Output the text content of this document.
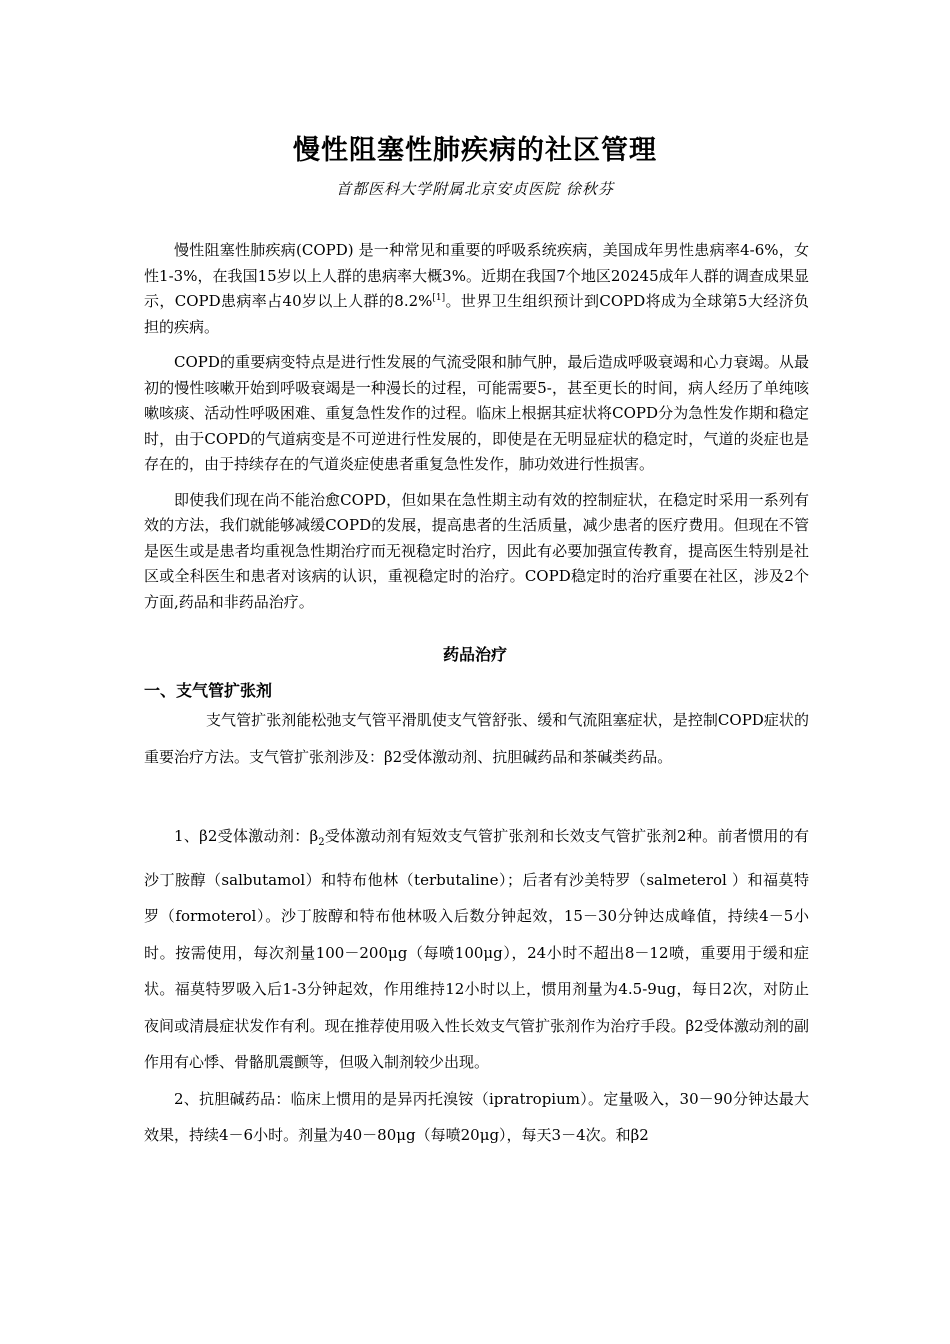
慢性阻塞性肺疾病的社区管理
首都医科大学附属北京安贞医院 徐秋芬

慢性阻塞性肺疾病(COPD) 是一种常见和重要的呼吸系统疾病，美国成年男性患病率4-6%，女性1-3%，在我国15岁以上人群的患病率大概3%。近期在我国7个地区20245成年人群的调查成果显示，COPD患病率占40岁以上人群的8.2%[1]。世界卫生组织预计到COPD将成为全球第5大经济负担的疾病。

COPD的重要病变特点是进行性发展的气流受限和肺气肿，最后造成呼吸衰竭和心力衰竭。从最初的慢性咳嗽开始到呼吸衰竭是一种漫长的过程，可能需要5-，甚至更长的时间，病人经历了单纯咳嗽咳痰、活动性呼吸困难、重复急性发作的过程。临床上根据其症状将COPD分为急性发作期和稳定时，由于COPD的气道病变是不可逆进行性发展的，即使是在无明显症状的稳定时，气道的炎症也是存在的，由于持续存在的气道炎症使患者重复急性发作，肺功效进行性损害。

即使我们现在尚不能治愈COPD，但如果在急性期主动有效的控制症状，在稳定时采用一系列有效的方法，我们就能够减缓COPD的发展，提高患者的生活质量，减少患者的医疗费用。但现在不管是医生或是患者均重视急性期治疗而无视稳定时治疗，因此有必要加强宣传教育，提高医生特别是社区或全科医生和患者对该病的认识，重视稳定时的治疗。COPD稳定时的治疗重要在社区，涉及2个方面,药品和非药品治疗。

药品治疗
一、支气管扩张剂

支气管扩张剂能松弛支气管平滑肌使支气管舒张、缓和气流阻塞症状，是控制COPD症状的重要治疗方法。支气管扩张剂涉及：β2受体激动剂、抗胆碱药品和茶碱类药品。

1、β2受体激动剂：$\beta_2$受体激动剂有短效支气管扩张剂和长效支气管扩张剂2种。前者惯用的有沙丁胺醇（salbutamol）和特布他林（terbutaline）；后者有沙美特罗（salmeterol ）和福莫特罗（formoterol）。沙丁胺醇和特布他林吸入后数分钟起效，15－30分钟达成峰值，持续4－5小时。按需使用，每次剂量100－200μg（每喷100μg），24小时不超出8－12喷，重要用于缓和症状。福莫特罗吸入后1-3分钟起效，作用维持12小时以上，惯用剂量为4.5-9ug，每日2次，对防止夜间或清晨症状发作有利。现在推荐使用吸入性长效支气管扩张剂作为治疗手段。β2受体激动剂的副作用有心悸、骨骼肌震颤等，但吸入制剂较少出现。

2、抗胆碱药品：临床上惯用的是异丙托溴铵（ipratropium）。定量吸入，30－90分钟达最大效果，持续4－6小时。剂量为40－80μg（每喷20μg），每天3－4次。和β2
